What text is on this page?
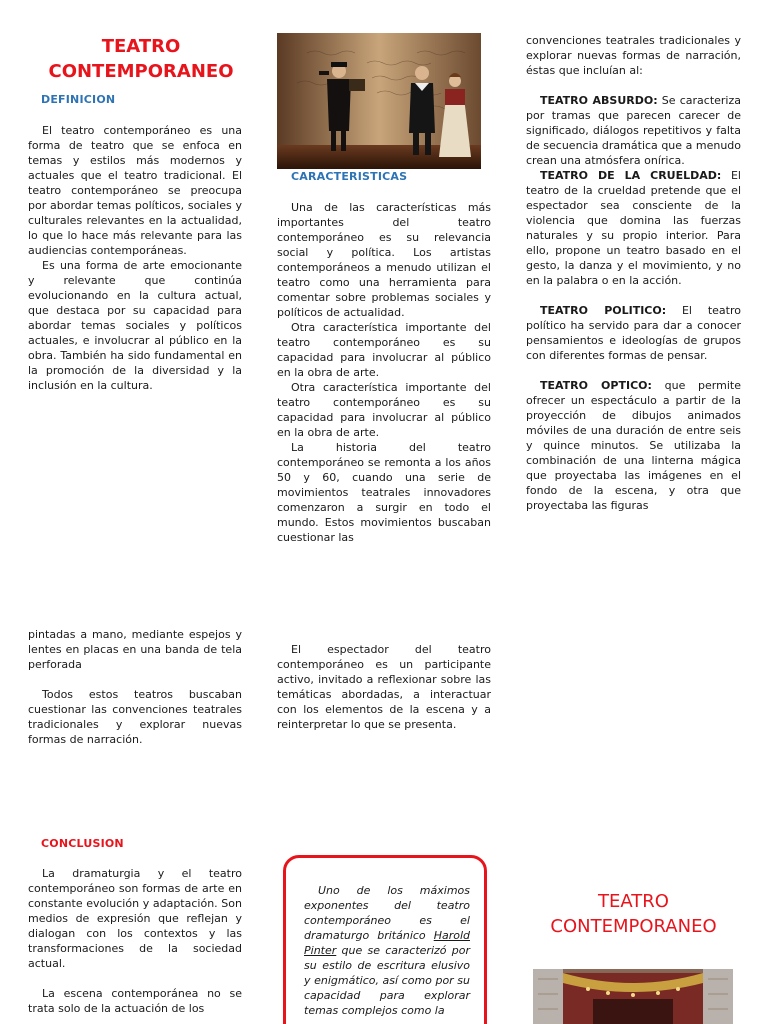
TEATRO
CONTEMPORANEO
DEFINICION

El teatro contemporáneo es una forma de teatro que se enfoca en temas y estilos más modernos y actuales que el teatro tradicional. El teatro contemporáneo se preocupa por abordar temas políticos, sociales y culturales relevantes en la actualidad, lo que lo hace más relevante para las audiencias contemporáneas.

Es una forma de arte emocionante y relevante que continúa evolucionando en la cultura actual, que destaca por su capacidad para abordar temas sociales y políticos actuales, e involucrar al público en la obra. También ha sido fundamental en la promoción de la diversidad y la inclusión en la cultura.

CARACTERISTICAS

Una de las características más importantes del teatro contemporáneo es su relevancia social y política. Los artistas contemporáneos a menudo utilizan el teatro como una herramienta para comentar sobre problemas sociales y políticos de actualidad.

Otra característica importante del teatro contemporáneo es su capacidad para involucrar al público en la obra de arte.

Otra característica importante del teatro contemporáneo es su capacidad para involucrar al público en la obra de arte.

La historia del teatro contemporáneo se remonta a los años 50 y 60, cuando una serie de movimientos teatrales innovadores comenzaron a surgir en todo el mundo. Estos movimientos buscaban cuestionar las

convenciones teatrales tradicionales y explorar nuevas formas de narración, éstas que incluían al:

TEATRO ABSURDO: Se caracteriza por tramas que parecen carecer de significado, diálogos repetitivos y falta de secuencia dramática que a menudo crean una atmósfera onírica.

TEATRO DE LA CRUELDAD: El teatro de la crueldad pretende que el espectador sea consciente de la violencia que domina las fuerzas naturales y su propio interior. Para ello, propone un teatro basado en el gesto, la danza y el movimiento, y no en la palabra o en la acción.

TEATRO POLITICO: El teatro político ha servido para dar a conocer pensamientos e ideologías de grupos con diferentes formas de pensar.

TEATRO OPTICO: que permite ofrecer un espectáculo a partir de la proyección de dibujos animados móviles de una duración de entre seis y quince minutos. Se utilizaba la combinación de una linterna mágica que proyectaba las imágenes en el fondo de la escena, y otra que proyectaba las figuras

pintadas a mano, mediante espejos y lentes en placas en una banda de tela perforada

Todos estos teatros buscaban cuestionar las convenciones teatrales tradicionales y explorar nuevas formas de narración.

CONCLUSION

La dramaturgia y el teatro contemporáneo son formas de arte en constante evolución y adaptación. Son medios de expresión que reflejan y dialogan con los contextos y las transformaciones de la sociedad actual.

La escena contemporánea no se trata solo de la actuación de los

El espectador del teatro contemporáneo es un participante activo, invitado a reflexionar sobre las temáticas abordadas, a interactuar con los elementos de la escena y a reinterpretar lo que se presenta.

Uno de los máximos exponentes del teatro contemporáneo es el dramaturgo británico Harold Pinter que se caracterizó por su estilo de escritura elusivo y enigmático, así como por su capacidad para explorar temas complejos como la

TEATRO
CONTEMPORANEO
